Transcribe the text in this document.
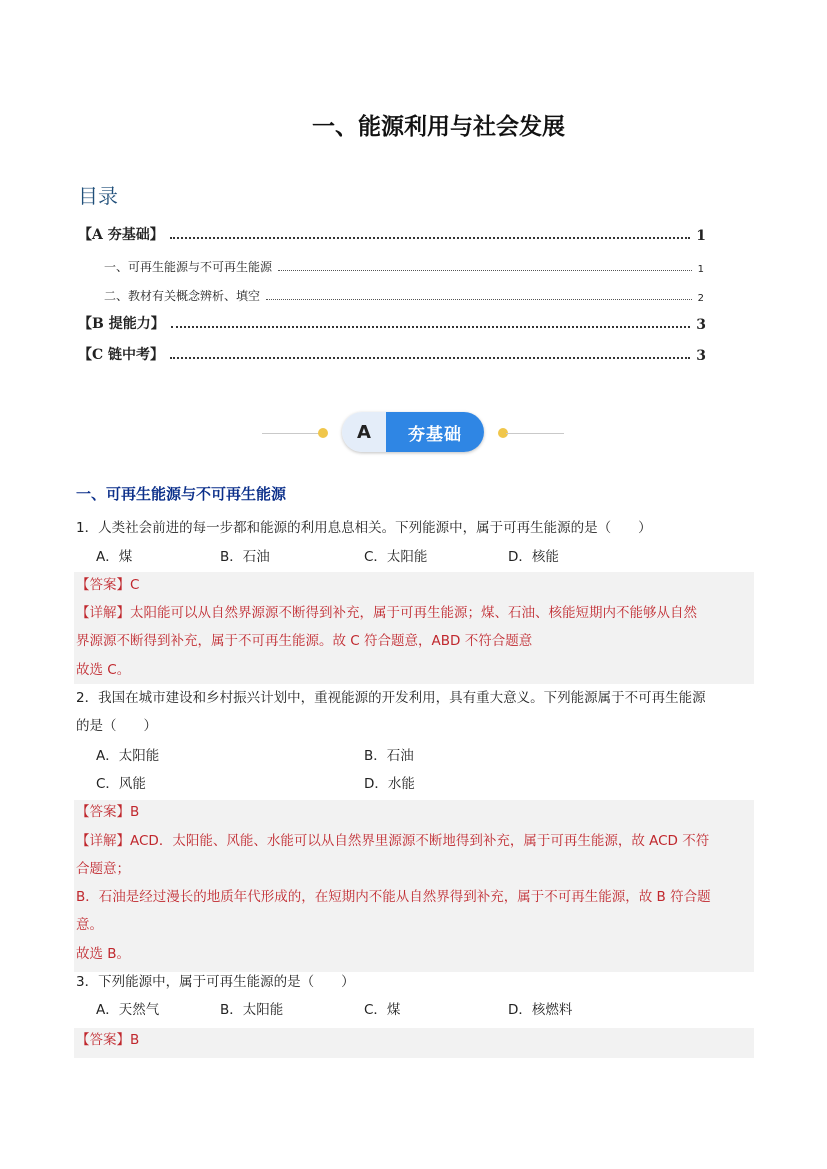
一、能源利用与社会发展
目录
【A 夯基础】	1
一、可再生能源与不可再生能源	1
二、教材有关概念辨析、填空	2
【B 提能力】	3
【C 链中考】	3
A	夯基础
一、可再生能源与不可再生能源
1．人类社会前进的每一步都和能源的利用息息相关。下列能源中，属于可再生能源的是（　　）
A．煤	B．石油	C．太阳能	D．核能
【答案】C
【详解】太阳能可以从自然界源源不断得到补充，属于可再生能源；煤、石油、核能短期内不能够从自然
界源源不断得到补充，属于不可再生能源。故 C 符合题意，ABD 不符合题意
故选 C。
2．我国在城市建设和乡村振兴计划中，重视能源的开发利用，具有重大意义。下列能源属于不可再生能源
的是（　　）
A．太阳能	B．石油
C．风能	D．水能
【答案】B
【详解】ACD．太阳能、风能、水能可以从自然界里源源不断地得到补充，属于可再生能源，故 ACD 不符
合题意；
B．石油是经过漫长的地质年代形成的，在短期内不能从自然界得到补充，属于不可再生能源，故 B 符合题
意。
故选 B。
3．下列能源中，属于可再生能源的是（　　）
A．天然气	B．太阳能	C．煤	D．核燃料
【答案】B
